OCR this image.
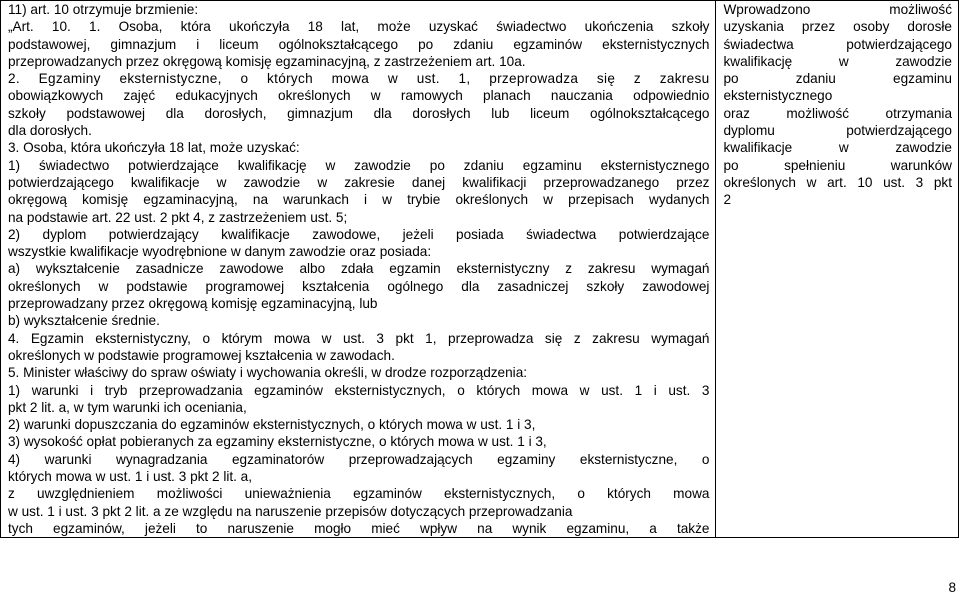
11) art. 10 otrzymuje brzmienie:
„Art. 10. 1. Osoba, która ukończyła 18 lat, może uzyskać świadectwo ukończenia szkoły
podstawowej, gimnazjum i liceum ogólnokształcącego po zdaniu egzaminów eksternistycznych
przeprowadzanych przez okręgową komisję egzaminacyjną, z zastrzeżeniem art. 10a.
2. Egzaminy eksternistyczne, o których mowa w ust. 1, przeprowadza się z zakresu
obowiązkowych zajęć edukacyjnych określonych w ramowych planach nauczania odpowiednio
szkoły podstawowej dla dorosłych, gimnazjum dla dorosłych lub liceum ogólnokształcącego
dla dorosłych.
3. Osoba, która ukończyła 18 lat, może uzyskać:
1) świadectwo potwierdzające kwalifikację w zawodzie po zdaniu egzaminu eksternistycznego
potwierdzającego kwalifikacje w zawodzie w zakresie danej kwalifikacji przeprowadzanego przez
okręgową komisję egzaminacyjną, na warunkach i w trybie określonych w przepisach wydanych
na podstawie art. 22 ust. 2 pkt 4, z zastrzeżeniem ust. 5;
2) dyplom potwierdzający kwalifikacje zawodowe, jeżeli posiada świadectwa potwierdzające
wszystkie kwalifikacje wyodrębnione w danym zawodzie oraz posiada:
a) wykształcenie zasadnicze zawodowe albo zdała egzamin eksternistyczny z zakresu wymagań
określonych w podstawie programowej kształcenia ogólnego dla zasadniczej szkoły zawodowej
przeprowadzany przez okręgową komisję egzaminacyjną, lub
b) wykształcenie średnie.
4. Egzamin eksternistyczny, o którym mowa w ust. 3 pkt 1, przeprowadza się z zakresu wymagań
określonych w podstawie programowej kształcenia w zawodach.
5. Minister właściwy do spraw oświaty i wychowania określi, w drodze rozporządzenia:
1) warunki i tryb przeprowadzania egzaminów eksternistycznych, o których mowa w ust. 1 i ust. 3
pkt 2 lit. a, w tym warunki ich oceniania,
2) warunki dopuszczania do egzaminów eksternistycznych, o których mowa w ust. 1 i 3,
3) wysokość opłat pobieranych za egzaminy eksternistyczne, o których mowa w ust. 1 i 3,
4) warunki wynagradzania egzaminatorów przeprowadzających egzaminy eksternistyczne, o
których mowa w ust. 1 i ust. 3 pkt 2 lit. a,
z uwzględnieniem możliwości unieważnienia egzaminów eksternistycznych, o których mowa
w ust. 1 i ust. 3 pkt 2 lit. a ze względu na naruszenie przepisów dotyczących przeprowadzania
tych egzaminów, jeżeli to naruszenie mogło mieć wpływ na wynik egzaminu, a także

Wprowadzono możliwość
uzyskania przez osoby dorosłe
świadectwa potwierdzającego
kwalifikację w zawodzie
po zdaniu egzaminu
eksternistycznego
oraz możliwość otrzymania
dyplomu potwierdzającego
kwalifikacje w zawodzie
po spełnieniu warunków
określonych w art. 10 ust. 3 pkt
2
8
